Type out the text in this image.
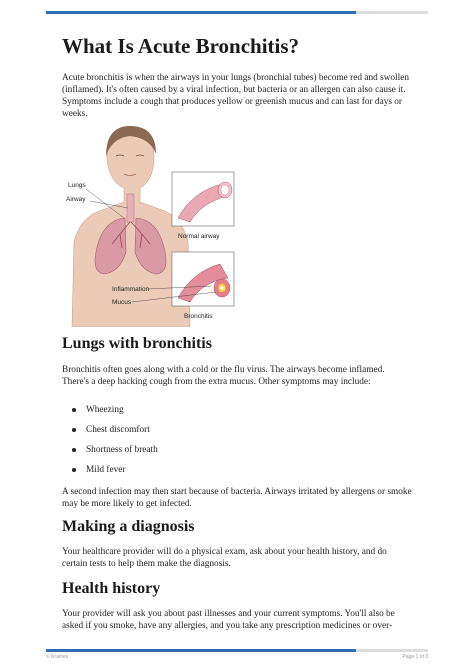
What Is Acute Bronchitis?

Acute bronchitis is when the airways in your lungs (bronchial tubes) become red and swollen (inflamed). It's often caused by a viral infection, but bacteria or an allergen can also cause it. Symptoms include a cough that produces yellow or greenish mucus and can last for days or weeks.

Lungs
Airway
Normal airway
Inflammation
Mucus
Bronchitis
Lungs with bronchitis

Bronchitis often goes along with a cold or the flu virus. The airways become inflamed. There's a deep hacking cough from the extra mucus. Other symptoms may include:

Wheezing
Chest discomfort
Shortness of breath
Mild fever

A second infection may then start because of bacteria. Airways irritated by allergens or smoke may be more likely to get infected.

Making a diagnosis

Your healthcare provider will do a physical exam, ask about your health history, and do certain tests to help them make the diagnosis.

Health history

Your provider will ask you about past illnesses and your current symptoms. You'll also be asked if you smoke, have any allergies, and you take any prescription medicines or over-

© Krames	Page 1 of 3
